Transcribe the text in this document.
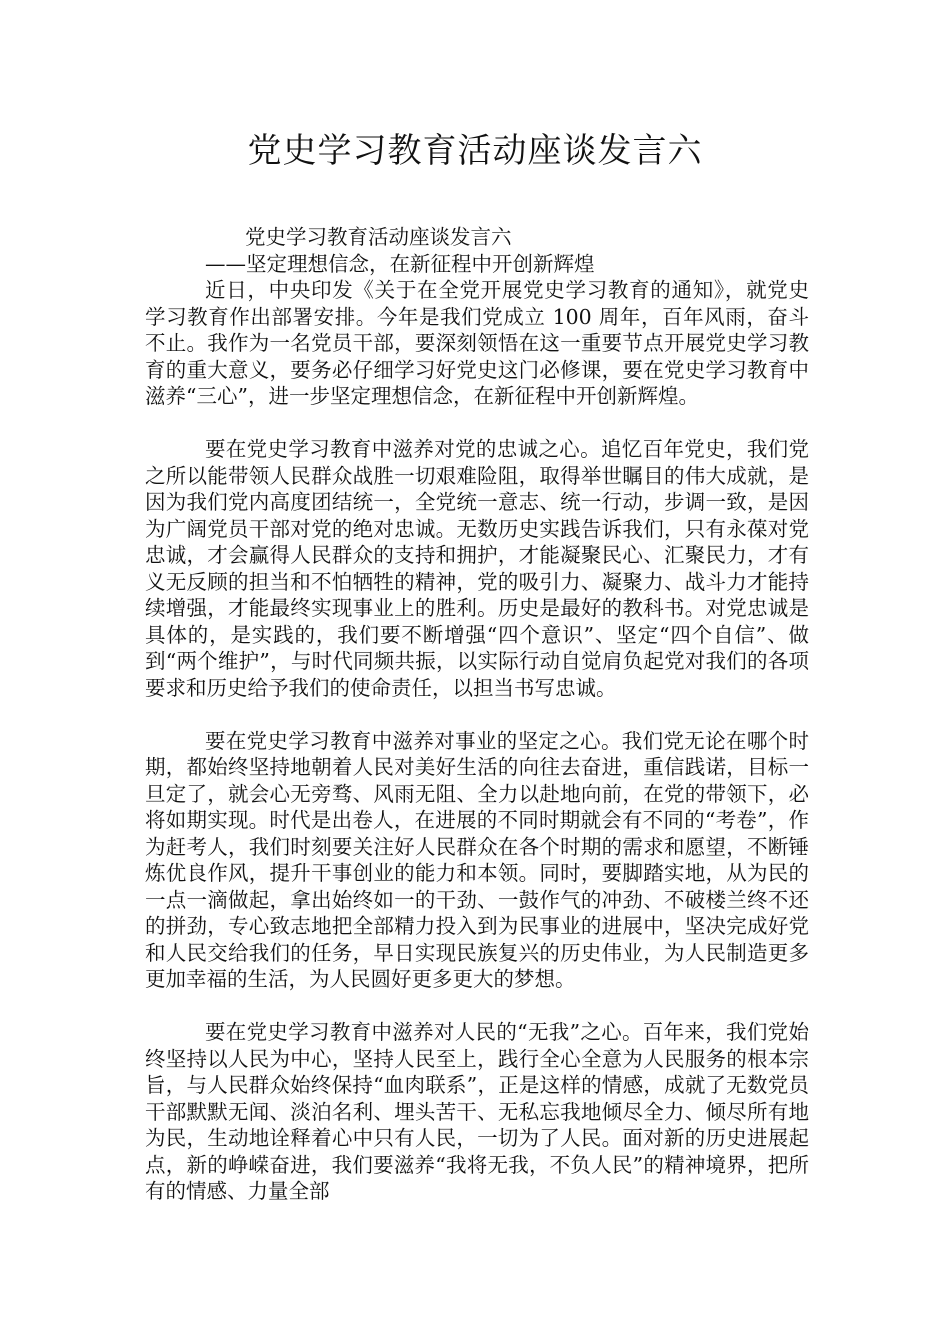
党史学习教育活动座谈发言六

党史学习教育活动座谈发言六

——坚定理想信念，在新征程中开创新辉煌

近日，中央印发《关于在全党开展党史学习教育的通知》，就党史学习教育作出部署安排。今年是我们党成立 100 周年，百年风雨，奋斗不止。我作为一名党员干部，要深刻领悟在这一重要节点开展党史学习教育的重大意义，要务必仔细学习好党史这门必修课，要在党史学习教育中滋养“三心”，进一步坚定理想信念，在新征程中开创新辉煌。

要在党史学习教育中滋养对党的忠诚之心。追忆百年党史，我们党之所以能带领人民群众战胜一切艰难险阻，取得举世瞩目的伟大成就，是因为我们党内高度团结统一，全党统一意志、统一行动，步调一致，是因为广阔党员干部对党的绝对忠诚。无数历史实践告诉我们，只有永葆对党忠诚，才会赢得人民群众的支持和拥护，才能凝聚民心、汇聚民力，才有义无反顾的担当和不怕牺牲的精神，党的吸引力、凝聚力、战斗力才能持续增强，才能最终实现事业上的胜利。历史是最好的教科书。对党忠诚是具体的，是实践的，我们要不断增强“四个意识”、坚定“四个自信”、做到“两个维护”，与时代同频共振，以实际行动自觉肩负起党对我们的各项要求和历史给予我们的使命责任，以担当书写忠诚。

要在党史学习教育中滋养对事业的坚定之心。我们党无论在哪个时期，都始终坚持地朝着人民对美好生活的向往去奋进，重信践诺，目标一旦定了，就会心无旁骛、风雨无阻、全力以赴地向前，在党的带领下，必将如期实现。时代是出卷人，在进展的不同时期就会有不同的“考卷”，作为赶考人，我们时刻要关注好人民群众在各个时期的需求和愿望，不断锤炼优良作风，提升干事创业的能力和本领。同时，要脚踏实地，从为民的一点一滴做起，拿出始终如一的干劲、一鼓作气的冲劲、不破楼兰终不还的拼劲，专心致志地把全部精力投入到为民事业的进展中，坚决完成好党和人民交给我们的任务，早日实现民族复兴的历史伟业，为人民制造更多更加幸福的生活，为人民圆好更多更大的梦想。

要在党史学习教育中滋养对人民的“无我”之心。百年来，我们党始终坚持以人民为中心，坚持人民至上，践行全心全意为人民服务的根本宗旨，与人民群众始终保持“血肉联系”，正是这样的情感，成就了无数党员干部默默无闻、淡泊名利、埋头苦干、无私忘我地倾尽全力、倾尽所有地为民，生动地诠释着心中只有人民，一切为了人民。面对新的历史进展起点，新的峥嵘奋进，我们要滋养“我将无我，不负人民”的精神境界，把所有的情感、力量全部
